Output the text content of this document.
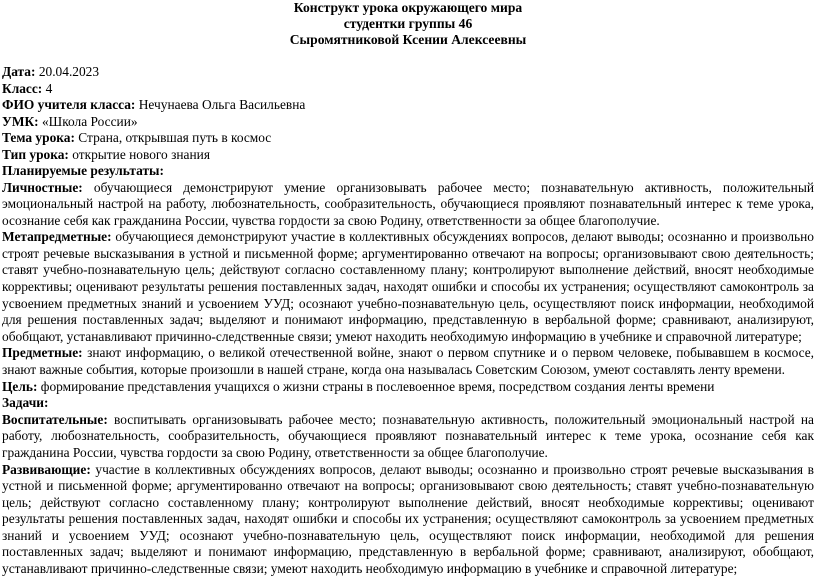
Конструкт урока окружающего мира
студентки группы 46
Сыромятниковой Ксении Алексеевны
Дата: 20.04.2023
Класс: 4
ФИО учителя класса: Нечунаева Ольга Васильевна
УМК: «Школа России»
Тема урока: Страна, открывшая путь в космос
Тип урока: открытие нового знания
Планируемые результаты:
Личностные: обучающиеся демонстрируют умение организовывать рабочее место; познавательную активность, положительный эмоциональный настрой на работу, любознательность, сообразительность, обучающиеся проявляют познавательный интерес к теме урока, осознание себя как гражданина России, чувства гордости за свою Родину, ответственности за общее благополучие.
Метапредметные: обучающиеся демонстрируют участие в коллективных обсуждениях вопросов, делают выводы; осознанно и произвольно строят речевые высказывания в устной и письменной форме; аргументированно отвечают на вопросы; организовывают свою деятельность; ставят учебно-познавательную цель; действуют согласно составленному плану; контролируют выполнение действий, вносят необходимые коррективы; оценивают результаты решения поставленных задач, находят ошибки и способы их устранения; осуществляют самоконтроль за усвоением предметных знаний и усвоением УУД; осознают учебно-познавательную цель, осуществляют поиск информации, необходимой для решения поставленных задач; выделяют и понимают информацию, представленную в вербальной форме; сравнивают, анализируют, обобщают, устанавливают причинно-следственные связи; умеют находить необходимую информацию в учебнике и справочной литературе;
Предметные: знают информацию, о великой отечественной войне, знают о первом спутнике и о первом человеке, побывавшем в космосе, знают важные события, которые произошли в нашей стране, когда она называлась Советским Союзом, умеют составлять ленту времени.
Цель: формирование представления учащихся о жизни страны в послевоенное время, посредством создания ленты времени
Задачи:
Воспитательные: воспитывать организовывать рабочее место; познавательную активность, положительный эмоциональный настрой на работу, любознательность, сообразительность, обучающиеся проявляют познавательный интерес к теме урока, осознание себя как гражданина России, чувства гордости за свою Родину, ответственности за общее благополучие.
Развивающие: участие в коллективных обсуждениях вопросов, делают выводы; осознанно и произвольно строят речевые высказывания в устной и письменной форме; аргументированно отвечают на вопросы; организовывают свою деятельность; ставят учебно-познавательную цель; действуют согласно составленному плану; контролируют выполнение действий, вносят необходимые коррективы; оценивают результаты решения поставленных задач, находят ошибки и способы их устранения; осуществляют самоконтроль за усвоением предметных знаний и усвоением УУД; осознают учебно-познавательную цель, осуществляют поиск информации, необходимой для решения поставленных задач; выделяют и понимают информацию, представленную в вербальной форме; сравнивают, анализируют, обобщают, устанавливают причинно-следственные связи; умеют находить необходимую информацию в учебнике и справочной литературе;
